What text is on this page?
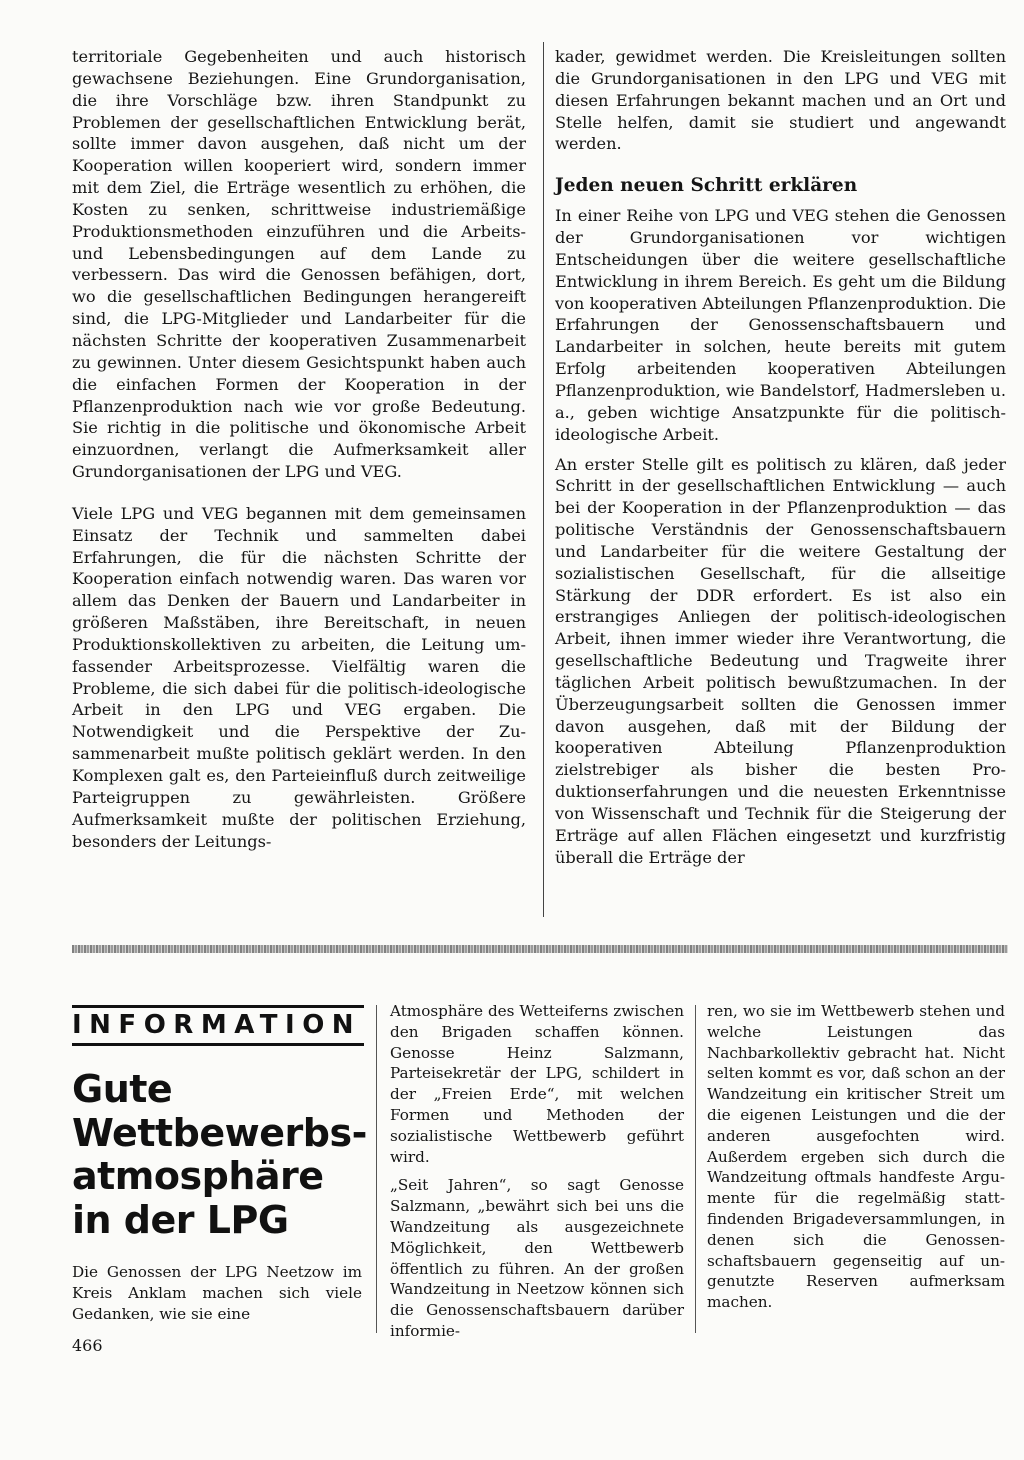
territoriale Gegebenheiten und auch historisch gewachsene Beziehungen. Eine Grundorganisation, die ihre Vorschläge bzw. ihren Standpunkt zu Problemen der gesellschaftlichen Entwicklung berät, sollte immer davon ausgehen, daß nicht um der Kooperation willen kooperiert wird, sondern immer mit dem Ziel, die Erträge wesentlich zu erhöhen, die Kosten zu senken, schrittweise industriemäßige Produktionsmethoden einzuführen und die Arbeits- und Lebensbedingungen auf dem Lande zu verbessern. Das wird die Genossen befähigen, dort, wo die gesellschaftlichen Bedingungen herangereift sind, die LPG-Mitglieder und Landarbeiter für die nächsten Schritte der kooperativen Zusammenarbeit zu gewinnen. Unter diesem Gesichtspunkt haben auch die einfachen Formen der Kooperation in der Pflanzenproduktion nach wie vor große Bedeutung. Sie richtig in die politische und ökonomische Arbeit einzuordnen, verlangt die Aufmerksamkeit aller Grundorganisationen der LPG und VEG.

Viele LPG und VEG begannen mit dem gemeinsamen Einsatz der Technik und sammelten dabei Erfahrungen, die für die nächsten Schritte der Kooperation einfach notwendig waren. Das waren vor allem das Denken der Bauern und Landarbeiter in größeren Maßstäben, ihre Bereitschaft, in neuen Produktionskollektiven zu arbeiten, die Leitung umfassender Arbeitsprozesse. Vielfältig waren die Probleme, die sich dabei für die politisch-ideologische Arbeit in den LPG und VEG ergaben. Die Notwendigkeit und die Perspektive der Zusammenarbeit mußte politisch geklärt werden. In den Komplexen galt es, den Parteieinfluß durch zeitweilige Parteigruppen zu gewährleisten. Größere Aufmerksamkeit mußte der politischen Erziehung, besonders der Leitungs-

kader, gewidmet werden. Die Kreisleitungen sollten die Grundorganisationen in den LPG und VEG mit diesen Erfahrungen bekannt machen und an Ort und Stelle helfen, damit sie studiert und angewandt werden.

Jeden neuen Schritt erklären

In einer Reihe von LPG und VEG stehen die Genossen der Grundorganisationen vor wichtigen Entscheidungen über die weitere gesellschaftliche Entwicklung in ihrem Bereich. Es geht um die Bildung von kooperativen Abteilungen Pflanzenproduktion. Die Erfahrungen der Genossenschaftsbauern und Landarbeiter in solchen, heute bereits mit gutem Erfolg arbeitenden kooperativen Abteilungen Pflanzenproduktion, wie Bandelstorf, Hadmersleben u. a., geben wichtige Ansatzpunkte für die politischideologische Arbeit.

An erster Stelle gilt es politisch zu klären, daß jeder Schritt in der gesellschaftlichen Entwicklung — auch bei der Kooperation in der Pflanzenproduktion — das politische Verständnis der Genossenschaftsbauern und Landarbeiter für die weitere Gestaltung der sozialistischen Gesellschaft, für die allseitige Stärkung der DDR erfordert. Es ist also ein erstrangiges Anliegen der politisch-ideologischen Arbeit, ihnen immer wieder ihre Verantwortung, die gesellschaftliche Bedeutung und Tragweite ihrer täglichen Arbeit politisch bewußtzumachen. In der Überzeugungsarbeit sollten die Genossen immer davon ausgehen, daß mit der Bildung der kooperativen Abteilung Pflanzenproduktion zielstrebiger als bisher die besten Produktionserfahrungen und die neuesten Erkenntnisse von Wissenschaft und Technik für die Steigerung der Erträge auf allen Flächen eingesetzt und kurzfristig überall die Erträge der

INFORMATION
Gute
Wettbewerbs-
atmosphäre
in der LPG

Die Genossen der LPG Neetzow im Kreis Anklam machen sich viele Gedanken, wie sie eine

Atmosphäre des Wetteiferns zwischen den Brigaden schaffen können. Genosse Heinz Salzmann, Parteisekretär der LPG, schildert in der „Freien Erde“, mit welchen Formen und Methoden der sozialistische Wettbewerb geführt wird.

„Seit Jahren“, so sagt Genosse Salzmann, „bewährt sich bei uns die Wandzeitung als ausgezeichnete Möglichkeit, den Wettbewerb öffentlich zu führen. An der großen Wandzeitung in Neetzow können sich die Genossenschaftsbauern darüber informie-

ren, wo sie im Wettbewerb stehen und welche Leistungen das Nachbarkollektiv gebracht hat. Nicht selten kommt es vor, daß schon an der Wandzeitung ein kritischer Streit um die eigenen Leistungen und die der anderen ausgefochten wird. Außerdem ergeben sich durch die Wandzeitung oftmals handfeste Argumente für die regelmäßig stattfindenden Brigadeversammlungen, in denen sich die Genossenschaftsbauern gegenseitig auf ungenutzte Reserven aufmerksam machen.

466
